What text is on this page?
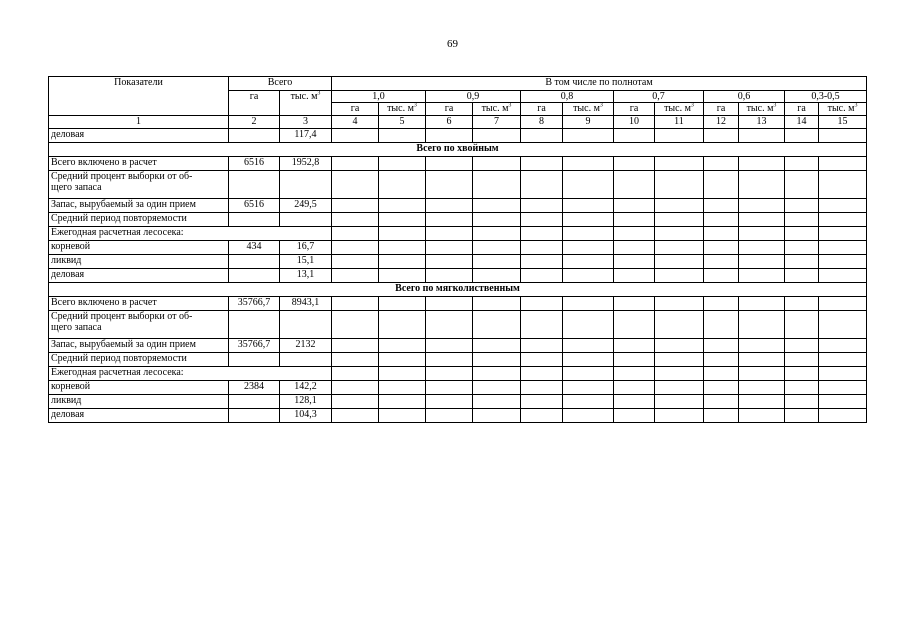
69
Показатели	Всего		В том числе по полнотам											
	га	тыс. $м^3$	1,0		0,9		0,8		0,7		0,6		0,3-0,5	
			га	тыс. $м^3$	га	тыс. $м^3$	га	тыс. $м^3$	га	тыс. $м^3$	га	тыс. $м^3$	га	тыс. $м^3$
1	2	3	4	5	6	7	8	9	10	11	12	13	14	15
деловая		117,4												
Всего по хвойным														
Всего включено в расчет	6516	1952,8												

Средний процент выборки от об-
щего запаса														

Запас, вырубаемый за один прием	6516	249,5												
Средний период повторяемости														
Ежегодная расчетная лесосека:														
корневой	434	16,7												
ликвид		15,1												
деловая		13,1												
Всего по мягколиственным														
Всего включено в расчет	35766,7	8943,1												

Средний процент выборки от об-
щего запаса														

Запас, вырубаемый за один прием	35766,7	2132												
Средний период повторяемости														
Ежегодная расчетная лесосека:														
корневой	2384	142,2												
ликвид		128,1												
деловая		104,3												
